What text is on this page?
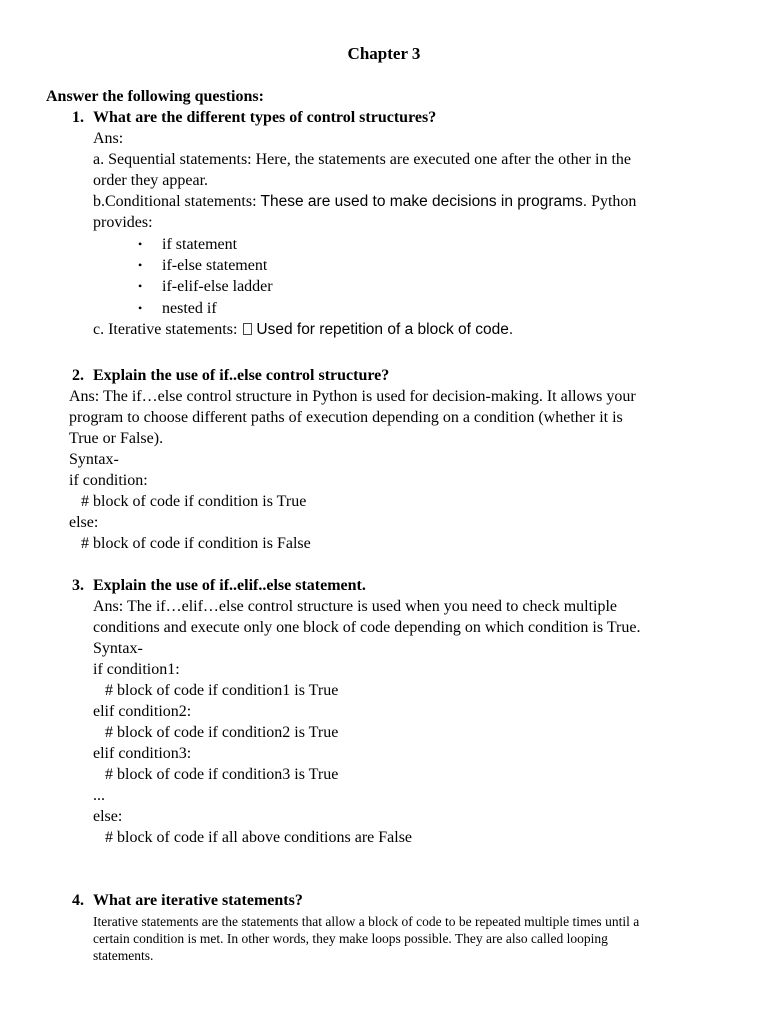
Chapter 3
Answer the following questions:
1. What are the different types of control structures?
Ans:
a. Sequential statements: Here, the statements are executed one after the other in the
order they appear.
b.Conditional statements: These are used to make decisions in programs. Python
provides:
• if statement
• if-else statement
• if-elif-else ladder
• nested if
c. Iterative statements: Used for repetition of a block of code.
2. Explain the use of if..else control structure?
Ans: The if…else control structure in Python is used for decision-making. It allows your
program to choose different paths of execution depending on a condition (whether it is
True or False).
Syntax-
if condition:
# block of code if condition is True
else:
# block of code if condition is False
3. Explain the use of if..elif..else statement.
Ans: The if…elif…else control structure is used when you need to check multiple
conditions and execute only one block of code depending on which condition is True.
Syntax-
if condition1:
# block of code if condition1 is True
elif condition2:
# block of code if condition2 is True
elif condition3:
# block of code if condition3 is True
...
else:
# block of code if all above conditions are False
4. What are iterative statements?
Iterative statements are the statements that allow a block of code to be repeated multiple times until a
certain condition is met. In other words, they make loops possible. They are also called looping
statements.
